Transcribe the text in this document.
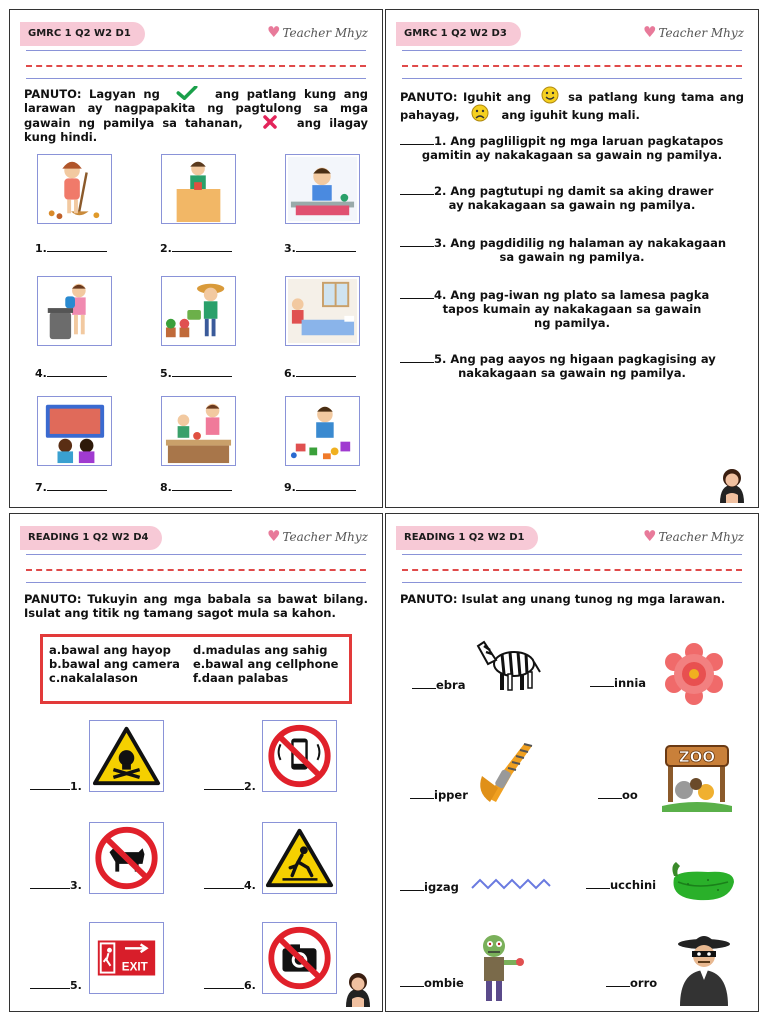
GMRC 1 Q2 W2 D1	♥ Teacher Mhyz
PANUTO: Lagyan ng	ang patlang kung ang larawan ay nagpapakita ng pagtulong sa mga gawain ng pamilya sa tahanan,	ang ilagay kung hindi.
1.	2.	3.
4.	5.	6.
7.	8.	9.
GMRC 1 Q2 W2 D3	♥ Teacher Mhyz
PANUTO: Iguhit ang	sa patlang kung tama ang pahayag,	ang iguhit kung mali.
1. Ang pagliligpit ng mga laruan pagkatapos
gamitin ay nakakagaan sa gawain ng pamilya.
2. Ang pagtutupi ng damit sa aking drawer
ay nakakagaan sa gawain ng pamilya.
3. Ang pagdidilig ng halaman ay nakakagaan
sa gawain ng pamilya.
4. Ang pag-iwan ng plato sa lamesa pagka
tapos kumain ay nakakagaan sa gawain
ng pamilya.
5. Ang pag aayos ng higaan pagkagising ay
nakakagaan sa gawain ng pamilya.
READING 1 Q2 W2 D4	♥ Teacher Mhyz
PANUTO: Tukuyin ang mga babala sa bawat bilang. Isulat ang titik ng tamang sagot mula sa kahon.
a.bawal ang hayop
b.bawal ang camera
c.nakalalason
d.madulas ang sahig
e.bawal ang cellphone
f.daan palabas
1.	2.
3.	4.
EXIT
5.	6.
READING 1 Q2 W2 D1	♥ Teacher Mhyz
PANUTO: Isulat ang unang tunog ng mga larawan.
ebra	innia
ipper	oo
ZOO
igzag	ucchini
ombie	orro
